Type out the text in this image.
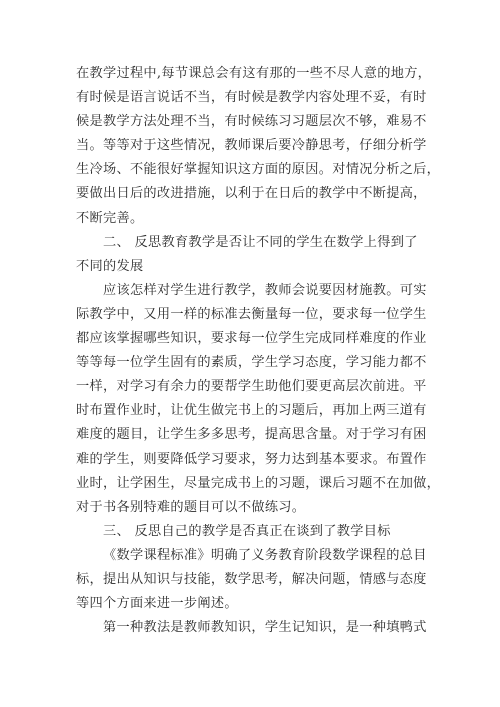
在教学过程中,每节课总会有这有那的一些不尽人意的地方，
有时候是语言说话不当，有时候是教学内容处理不妥，有时
候是教学方法处理不当，有时候练习习题层次不够，难易不
当。等等对于这些情况，教师课后要冷静思考，仔细分析学
生冷场、不能很好掌握知识这方面的原因。对情况分析之后，
要做出日后的改进措施，以利于在日后的教学中不断提高，
不断完善。
二、 反思教育教学是否让不同的学生在数学上得到了
不同的发展
应该怎样对学生进行教学，教师会说要因材施教。可实
际教学中，又用一样的标准去衡量每一位，要求每一位学生
都应该掌握哪些知识，要求每一位学生完成同样难度的作业
等等每一位学生固有的素质，学生学习态度，学习能力都不
一样，对学习有余力的要帮学生助他们要更高层次前进。平
时布置作业时，让优生做完书上的习题后，再加上两三道有
难度的题目，让学生多多思考，提高思含量。对于学习有困
难的学生，则要降低学习要求，努力达到基本要求。布置作
业时，让学困生，尽量完成书上的习题，课后习题不在加做，
对于书各别特难的题目可以不做练习。
三、 反思自己的教学是否真正在谈到了教学目标
《数学课程标准》明确了义务教育阶段数学课程的总目
标，提出从知识与技能，数学思考，解决问题，情感与态度
等四个方面来进一步阐述。
第一种教法是教师教知识，学生记知识，是一种填鸭式
